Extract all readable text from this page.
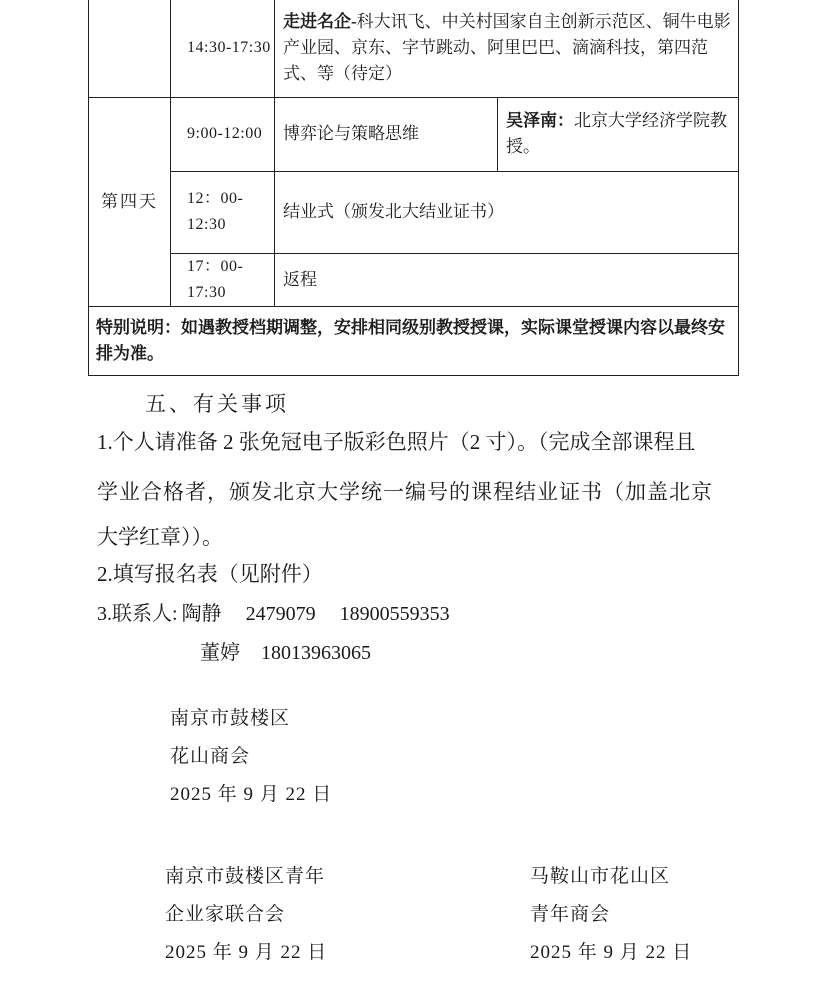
	14:30-17:30	走进名企-科大讯飞、中关村国家自主创新示范区、铜牛电影产业园、京东、字节跳动、阿里巴巴、滴滴科技，第四范式、等（待定）	
第四天	9:00-12:00	博弈论与策略思维	吴泽南：北京大学经济学院教授。
	12：00-12:30	结业式（颁发北大结业证书）	
	17：00-17:30	返程	
特别说明：如遇教授档期调整，安排相同级别教授授课，实际课堂授课内容以最终安排为准。			
五、有关事项
1.个人请准备 2 张免冠电子版彩色照片（2 寸）。（完成全部课程且
学业合格者，颁发北京大学统一编号的课程结业证书（加盖北京
大学红章））。
2.填写报名表（见附件）
3.联系人: 陶静 2479079 18900559353
董婷 18013963065
南京市鼓楼区
花山商会
2025 年 9 月 22 日
南京市鼓楼区青年
企业家联合会
2025 年 9 月 22 日
马鞍山市花山区
青年商会
2025 年 9 月 22 日
